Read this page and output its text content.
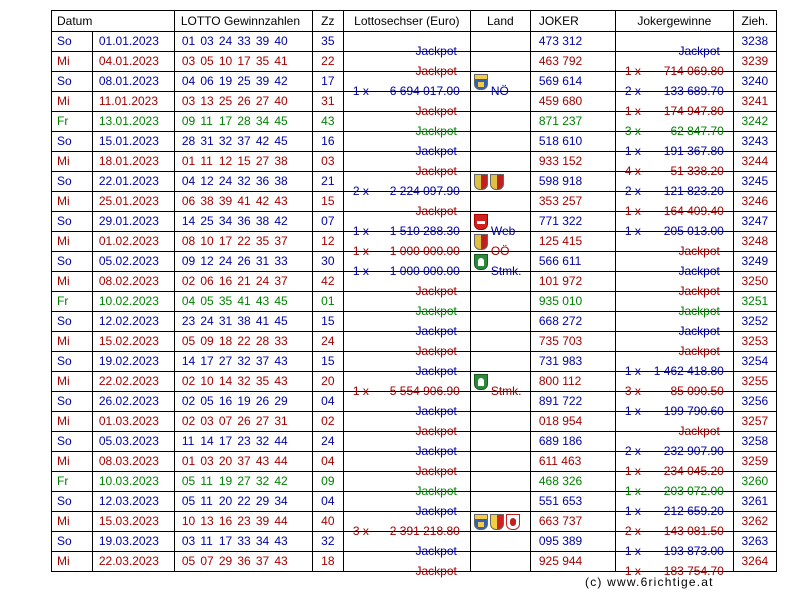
Datum		LOTTO Gewinnzahlen	Zz	Lottosechser (Euro)	Land	JOKER	Jokergewinne	Zieh.
So	01.01.2023	01 03 24 33 39 40	35	Jackpot		473 312	Jackpot	3238
Mi	04.01.2023	03 05 10 17 35 41	22	Jackpot		463 792	1 x 714 069.80	3239
So	08.01.2023	04 06 19 25 39 42	17	1 x 6 694 017.00	NÖ	569 614	2 x 133 689.70	3240
Mi	11.01.2023	03 13 25 26 27 40	31	Jackpot		459 680	1 x 174 947.80	3241
Fr	13.01.2023	09 11 17 28 34 45	43	Jackpot		871 237	3 x 62 847.70	3242
So	15.01.2023	28 31 32 37 42 45	16	Jackpot		518 610	1 x 191 367.80	3243
Mi	18.01.2023	01 11 12 15 27 38	03	Jackpot		933 152	4 x 51 338.20	3244
So	22.01.2023	04 12 24 32 36 38	21	2 x 2 224 097.90		598 918	2 x 121 823.20	3245
Mi	25.01.2023	06 38 39 41 42 43	15	Jackpot		353 257	1 x 164 409.40	3246
So	29.01.2023	14 25 34 36 38 42	07	1 x 1 510 288.30	Web	771 322	1 x 205 013.00	3247
Mi	01.02.2023	08 10 17 22 35 37	12	1 x 1 000 000.00	OÖ	125 415	Jackpot	3248
So	05.02.2023	09 12 24 26 31 33	30	1 x 1 000 000.00	Stmk.	566 611	Jackpot	3249
Mi	08.02.2023	02 06 16 21 24 37	42	Jackpot		101 972	Jackpot	3250
Fr	10.02.2023	04 05 35 41 43 45	01	Jackpot		935 010	Jackpot	3251
So	12.02.2023	23 24 31 38 41 45	15	Jackpot		668 272	Jackpot	3252
Mi	15.02.2023	05 09 18 22 28 33	24	Jackpot		735 703	Jackpot	3253
So	19.02.2023	14 17 27 32 37 43	15	Jackpot		731 983	1 x 1 462 418.80	3254
Mi	22.02.2023	02 10 14 32 35 43	20	1 x 5 554 906.90	Stmk.	800 112	3 x 85 090.50	3255
So	26.02.2023	02 05 16 19 26 29	04	Jackpot		891 722	1 x 199 790.60	3256
Mi	01.03.2023	02 03 07 26 27 31	02	Jackpot		018 954	Jackpot	3257
So	05.03.2023	11 14 17 23 32 44	24	Jackpot		689 186	2 x 232 907.90	3258
Mi	08.03.2023	01 03 20 37 43 44	04	Jackpot		611 463	1 x 234 045.20	3259
Fr	10.03.2023	05 11 19 27 32 42	09	Jackpot		468 326	1 x 203 072.00	3260
So	12.03.2023	05 11 20 22 29 34	04	Jackpot		551 653	1 x 212 659.20	3261
Mi	15.03.2023	10 13 16 23 39 44	40	3 x 2 391 218.80		663 737	2 x 143 081.50	3262
So	19.03.2023	03 11 17 33 34 43	32	Jackpot		095 389	1 x 193 873.00	3263
Mi	22.03.2023	05 07 29 36 37 43	18	Jackpot		925 944	1 x 183 754.70	3264
(c) www.6richtige.at
